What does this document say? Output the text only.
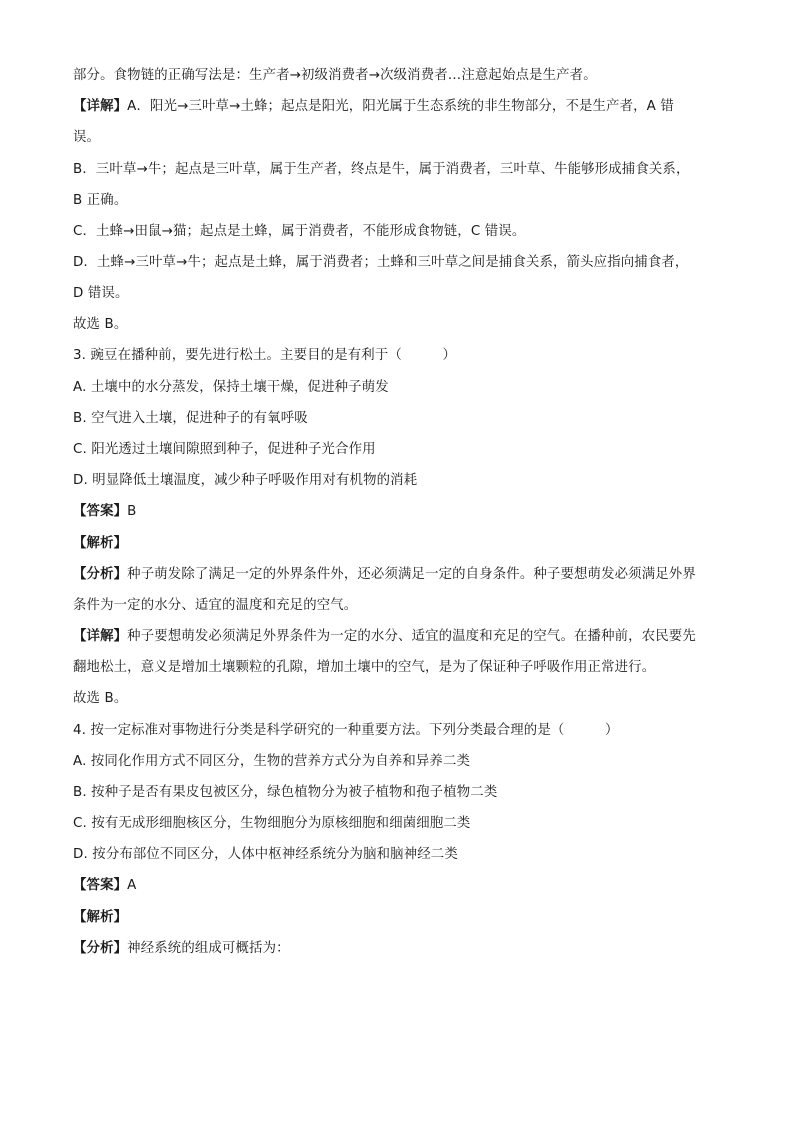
部分。食物链的正确写法是：生产者→初级消费者→次级消费者…注意起始点是生产者。
【详解】A．阳光→三叶草→土蜂；起点是阳光，阳光属于生态系统的非生物部分，不是生产者，A 错
误。
B．三叶草→牛；起点是三叶草，属于生产者，终点是牛，属于消费者，三叶草、牛能够形成捕食关系，
B 正确。
C．土蜂→田鼠→猫；起点是土蜂，属于消费者，不能形成食物链，C 错误。
D．土蜂→三叶草→牛；起点是土蜂，属于消费者；土蜂和三叶草之间是捕食关系，箭头应指向捕食者，
D 错误。
故选 B。
3. 豌豆在播种前，要先进行松土。主要目的是有利于（　　　）
A. 土壤中的水分蒸发，保持土壤干燥，促进种子萌发
B. 空气进入土壤，促进种子的有氧呼吸
C. 阳光透过土壤间隙照到种子，促进种子光合作用
D. 明显降低土壤温度，减少种子呼吸作用对有机物的消耗
【答案】B
【解析】
【分析】种子萌发除了满足一定的外界条件外，还必须满足一定的自身条件。种子要想萌发必须满足外界
条件为一定的水分、适宜的温度和充足的空气。
【详解】种子要想萌发必须满足外界条件为一定的水分、适宜的温度和充足的空气。在播种前，农民要先
翻地松土，意义是增加土壤颗粒的孔隙，增加土壤中的空气，是为了保证种子呼吸作用正常进行。
故选 B。
4. 按一定标准对事物进行分类是科学研究的一种重要方法。下列分类最合理的是（　　　）
A. 按同化作用方式不同区分，生物的营养方式分为自养和异养二类
B. 按种子是否有果皮包被区分，绿色植物分为被子植物和孢子植物二类
C. 按有无成形细胞核区分，生物细胞分为原核细胞和细菌细胞二类
D. 按分布部位不同区分，人体中枢神经系统分为脑和脑神经二类
【答案】A
【解析】
【分析】神经系统的组成可概括为：
